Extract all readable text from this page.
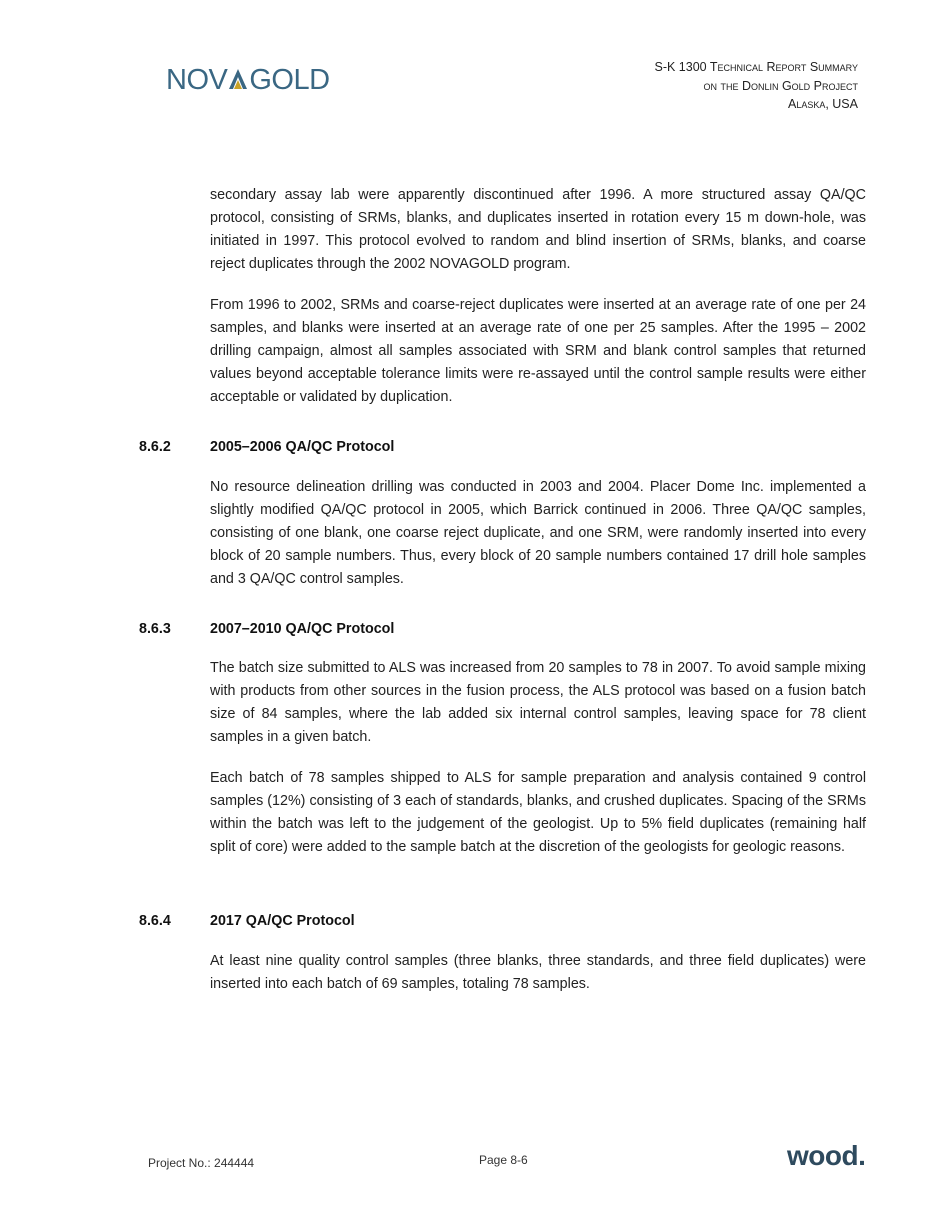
NOV GOLD	S-K 1300 Technical Report Summary
on the Donlin Gold Project
Alaska, USA

secondary assay lab were apparently discontinued after 1996. A more structured assay QA/QC protocol, consisting of SRMs, blanks, and duplicates inserted in rotation every 15 m down-hole, was initiated in 1997. This protocol evolved to random and blind insertion of SRMs, blanks, and coarse reject duplicates through the 2002 NOVAGOLD program.

From 1996 to 2002, SRMs and coarse-reject duplicates were inserted at an average rate of one per 24 samples, and blanks were inserted at an average rate of one per 25 samples. After the 1995 – 2002 drilling campaign, almost all samples associated with SRM and blank control samples that returned values beyond acceptable tolerance limits were re-assayed until the control sample results were either acceptable or validated by duplication.

8.6.2	2005–2006 QA/QC Protocol

No resource delineation drilling was conducted in 2003 and 2004. Placer Dome Inc. implemented a slightly modified QA/QC protocol in 2005, which Barrick continued in 2006. Three QA/QC samples, consisting of one blank, one coarse reject duplicate, and one SRM, were randomly inserted into every block of 20 sample numbers. Thus, every block of 20 sample numbers contained 17 drill hole samples and 3 QA/QC control samples.

8.6.3	2007–2010 QA/QC Protocol

The batch size submitted to ALS was increased from 20 samples to 78 in 2007. To avoid sample mixing with products from other sources in the fusion process, the ALS protocol was based on a fusion batch size of 84 samples, where the lab added six internal control samples, leaving space for 78 client samples in a given batch.

Each batch of 78 samples shipped to ALS for sample preparation and analysis contained 9 control samples (12%) consisting of 3 each of standards, blanks, and crushed duplicates. Spacing of the SRMs within the batch was left to the judgement of the geologist. Up to 5% field duplicates (remaining half split of core) were added to the sample batch at the discretion of the geologists for geologic reasons.

8.6.4	2017 QA/QC Protocol

At least nine quality control samples (three blanks, three standards, and three field duplicates) were inserted into each batch of 69 samples, totaling 78 samples.

Project No.: 244444	Page 8-6	wood.
